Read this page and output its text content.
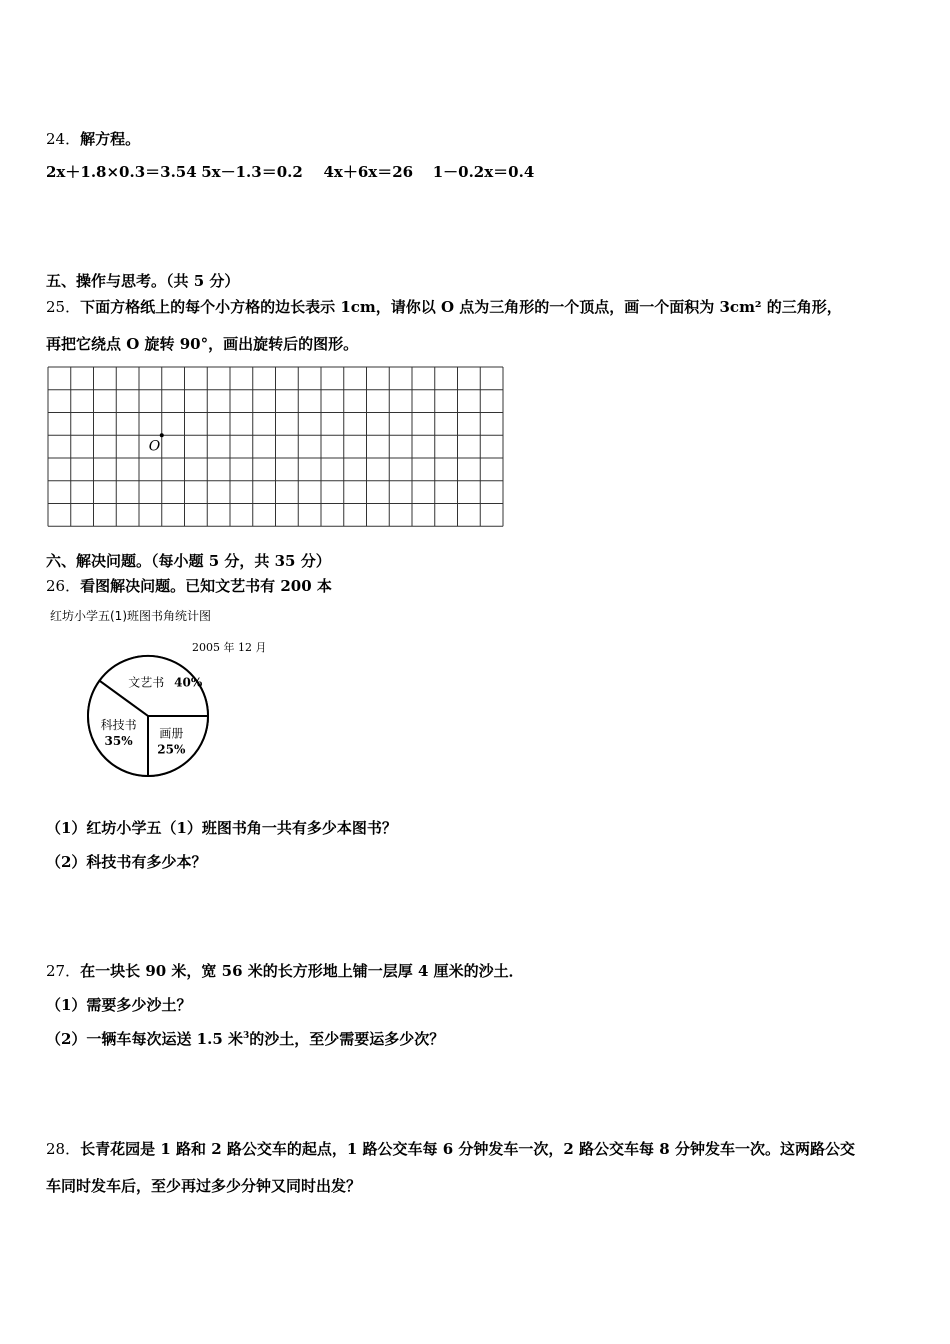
24．解方程。
2x＋1.8×0.3＝3.54 5x－1.3＝0.2 4x＋6x＝26 1－0.2x＝0.4
五、操作与思考。（共 5 分）
25．下面方格纸上的每个小方格的边长表示 1cm，请你以 O 点为三角形的一个顶点，画一个面积为 3cm² 的三角形，
再把它绕点 O 旋转 90°，画出旋转后的图形。
O
六、解决问题。（每小题 5 分，共 35 分）
26．看图解决问题。已知文艺书有 200 本
红坊小学五(1)班图书角统计图
2005 年 12 月
画册
25%
文艺书 40%
科技书
35%
（1）红坊小学五（1）班图书角一共有多少本图书？
（2）科技书有多少本？
27．在一块长 90 米，宽 56 米的长方形地上铺一层厚 4 厘米的沙土．
（1）需要多少沙土？
（2）一辆车每次运送 1.5 米$^3$的沙土，至少需要运多少次？
28．长青花园是 1 路和 2 路公交车的起点，1 路公交车每 6 分钟发车一次，2 路公交车每 8 分钟发车一次。这两路公交
车同时发车后，至少再过多少分钟又同时出发？
